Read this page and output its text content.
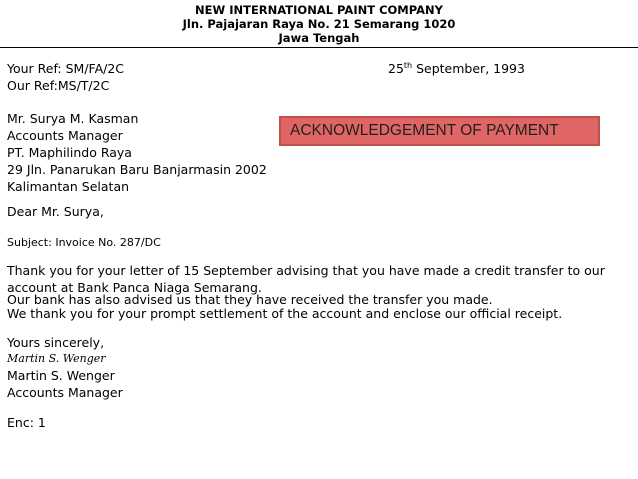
NEW INTERNATIONAL PAINT COMPANY
Jln. Pajajaran Raya No. 21 Semarang 1020
Jawa Tengah
Your Ref: SM/FA/2C
Our Ref:MS/T/2C
25th September, 1993
Mr. Surya M. Kasman
Accounts Manager
PT. Maphilindo Raya
29 Jln. Panarukan Baru Banjarmasin 2002
Kalimantan Selatan
ACKNOWLEDGEMENT OF PAYMENT
Dear Mr. Surya,
Subject: Invoice No. 287/DC
Thank you for your letter of 15 September advising that you have made a credit transfer to our account at Bank Panca Niaga Semarang.
Our bank has also advised us that they have received the transfer you made.
We thank you for your prompt settlement of the account and enclose our official receipt.
Yours sincerely,
Martin S. Wenger
Martin S. Wenger
Accounts Manager
Enc: 1
